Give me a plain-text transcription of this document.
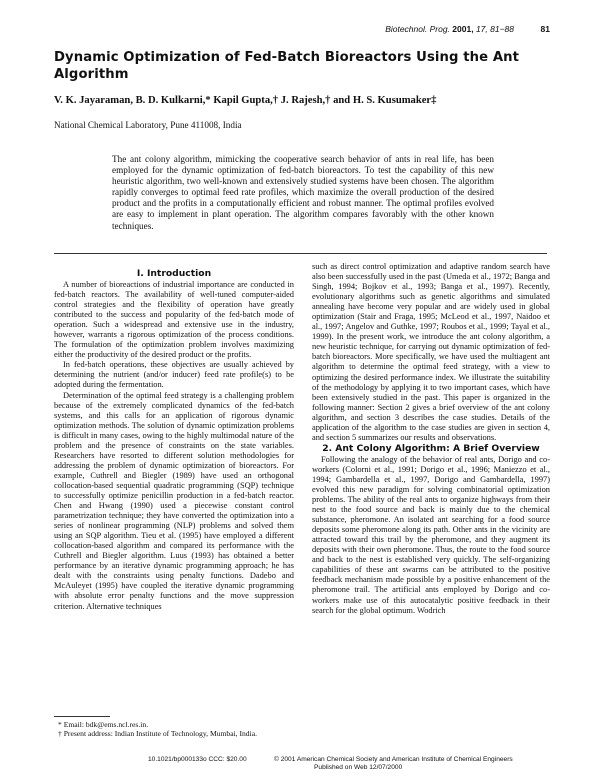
Biotechnol. Prog. 2001, 17, 81−88	81
Dynamic Optimization of Fed-Batch Bioreactors Using the Ant Algorithm
V. K. Jayaraman, B. D. Kulkarni,* Kapil Gupta,† J. Rajesh,† and H. S. Kusumaker‡
National Chemical Laboratory, Pune 411008, India
The ant colony algorithm, mimicking the cooperative search behavior of ants in real life, has been employed for the dynamic optimization of fed-batch bioreactors. To test the capability of this new heuristic algorithm, two well-known and extensively studied systems have been chosen. The algorithm rapidly converges to optimal feed rate profiles, which maximize the overall production of the desired product and the profits in a computationally efficient and robust manner. The optimal profiles evolved are easy to implement in plant operation. The algorithm compares favorably with the other known techniques.

I. Introduction

A number of bioreactions of industrial importance are conducted in fed-batch reactors. The availability of well-tuned computer-aided control strategies and the flexibility of operation have greatly contributed to the success and popularity of the fed-batch mode of operation. Such a widespread and extensive use in the industry, however, warrants a rigorous optimization of the process conditions. The formulation of the optimization problem involves maximizing either the productivity of the desired product or the profits.

In fed-batch operations, these objectives are usually achieved by determining the nutrient (and/or inducer) feed rate profile(s) to be adopted during the fermentation.

Determination of the optimal feed strategy is a challenging problem because of the extremely complicated dynamics of the fed-batch systems, and this calls for an application of rigorous dynamic optimization methods. The solution of dynamic optimization problems is difficult in many cases, owing to the highly multimodal nature of the problem and the presence of constraints on the state variables. Researchers have resorted to different solution methodologies for addressing the problem of dynamic optimization of bioreactors. For example, Cuthrell and Biegler (1989) have used an orthogonal collocation-based sequential quadratic programming (SQP) technique to successfully optimize penicillin production in a fed-batch reactor. Chen and Hwang (1990) used a piecewise constant control parametrization technique; they have converted the optimization into a series of nonlinear programming (NLP) problems and solved them using an SQP algorithm. Tieu et al. (1995) have employed a different collocation-based algorithm and compared its performance with the Cuthrell and Biegler algorithm. Luus (1993) has obtained a better performance by an iterative dynamic programming approach; he has dealt with the constraints using penalty functions. Dadebo and McAuleyet (1995) have coupled the iterative dynamic programming with absolute error penalty functions and the move suppression criterion. Alternative techniques

such as direct control optimization and adaptive random search have also been successfully used in the past (Umeda et al., 1972; Banga and Singh, 1994; Bojkov et al., 1993; Banga et al., 1997). Recently, evolutionary algorithms such as genetic algorithms and simulated annealing have become very popular and are widely used in global optimization (Stair and Fraga, 1995; McLeod et al., 1997, Naidoo et al., 1997; Angelov and Guthke, 1997; Roubos et al., 1999; Tayal et al., 1999). In the present work, we introduce the ant colony algorithm, a new heuristic technique, for carrying out dynamic optimization of fed-batch bioreactors. More specifically, we have used the multiagent ant algorithm to determine the optimal feed strategy, with a view to optimizing the desired performance index. We illustrate the suitability of the methodology by applying it to two important cases, which have been extensively studied in the past. This paper is organized in the following manner: Section 2 gives a brief overview of the ant colony algorithm, and section 3 describes the case studies. Details of the application of the algorithm to the case studies are given in section 4, and section 5 summarizes our results and observations.

2. Ant Colony Algorithm: A Brief Overview

Following the analogy of the behavior of real ants, Dorigo and co-workers (Colorni et al., 1991; Dorigo et al., 1996; Maniezzo et al., 1994; Gambardella et al., 1997, Dorigo and Gambardella, 1997) evolved this new paradigm for solving combinatorial optimization problems. The ability of the real ants to organize highways from their nest to the food source and back is mainly due to the chemical substance, pheromone. An isolated ant searching for a food source deposits some pheromone along its path. Other ants in the vicinity are attracted toward this trail by the pheromone, and they augment its deposits with their own pheromone. Thus, the route to the food source and back to the nest is established very quickly. The self-organizing capabilities of these ant swarms can be attributed to the positive feedback mechanism made possible by a positive enhancement of the pheromone trail. The artificial ants employed by Dorigo and co-workers make use of this autocatalytic positive feedback in their search for the global optimum. Wodrich

* Email: bdk@ems.ncl.res.in.
† Present address: Indian Institute of Technology, Mumbai, India.
10.1021/bp000133o CCC: $20.00	© 2001 American Chemical Society and American Institute of Chemical Engineers
Published on Web 12/07/2000
